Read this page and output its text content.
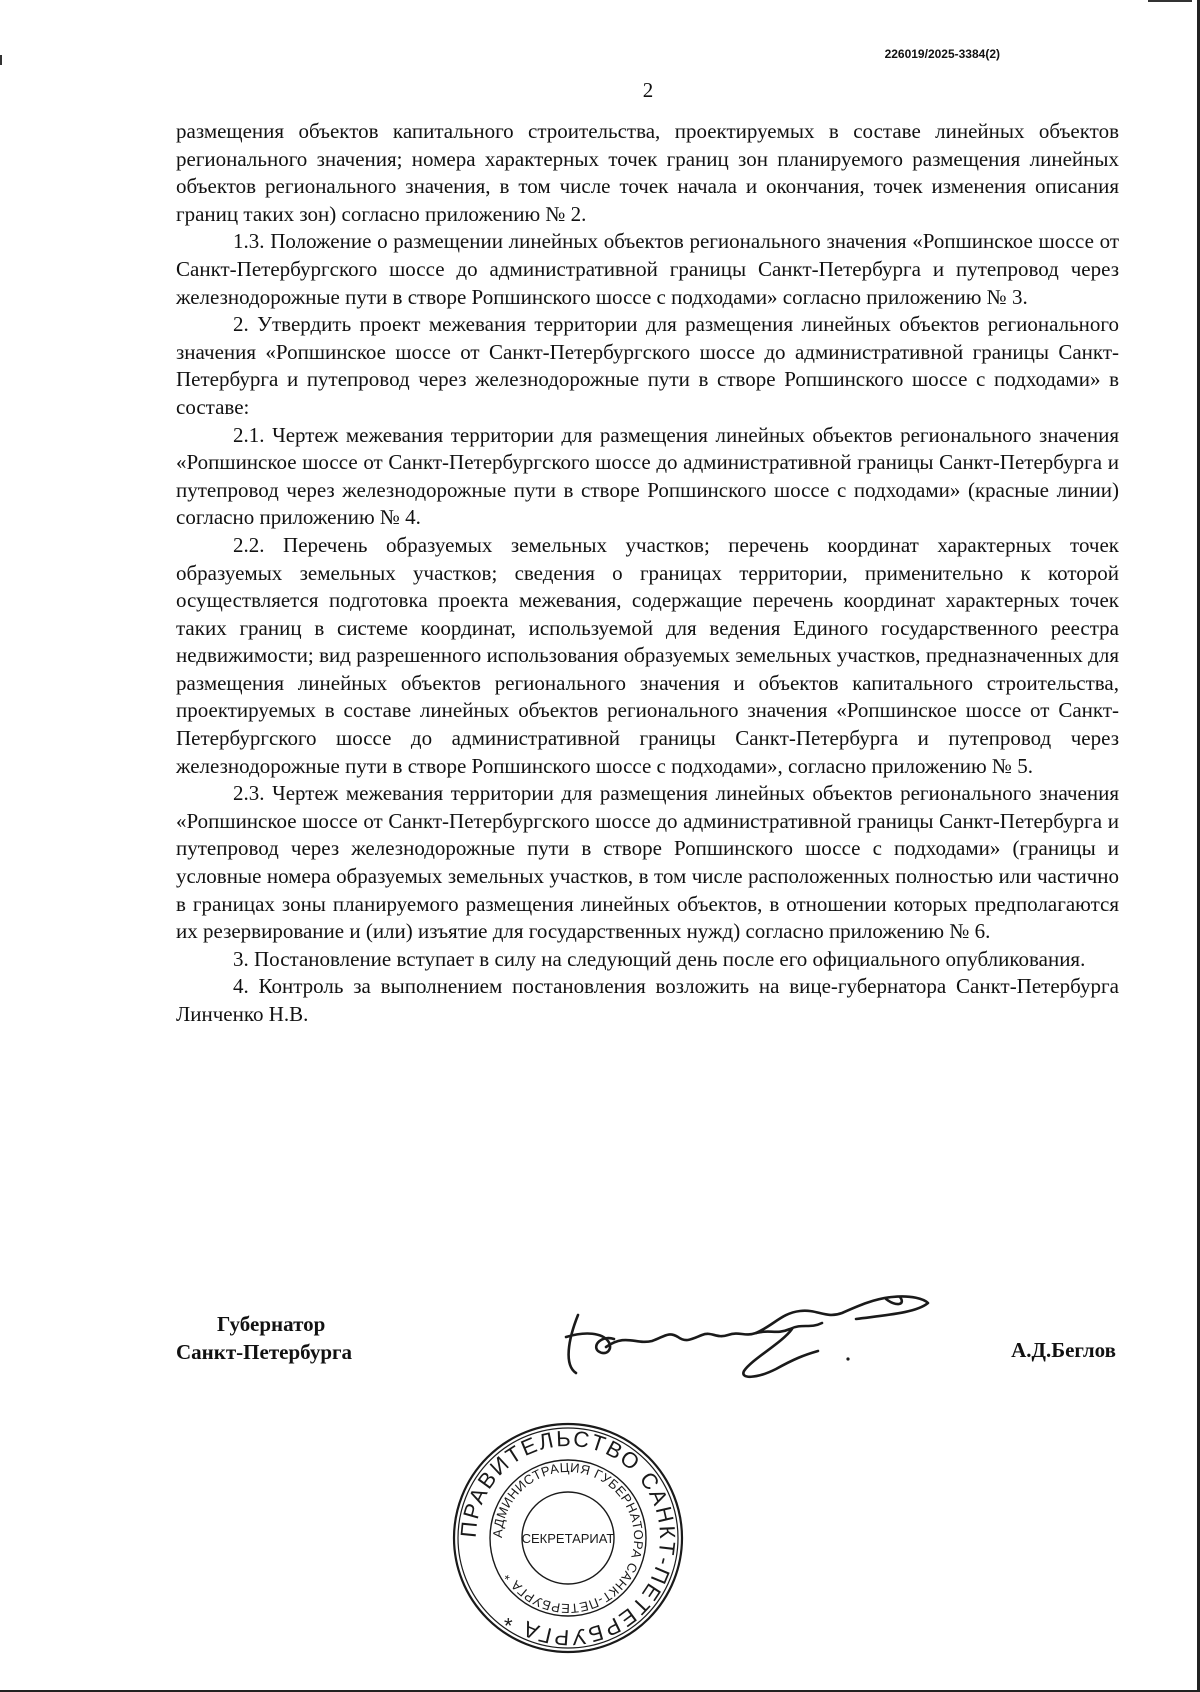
226019/2025-3384(2)
2

размещения объектов капитального строительства, проектируемых в составе линейных объектов регионального значения; номера характерных точек границ зон планируемого размещения линейных объектов регионального значения, в том числе точек начала и окончания, точек изменения описания границ таких зон) согласно приложению № 2.

1.3. Положение о размещении линейных объектов регионального значения «Ропшинское шоссе от Санкт-Петербургского шоссе до административной границы Санкт-Петербурга и путепровод через железнодорожные пути в створе Ропшинского шоссе с подходами» согласно приложению № 3.

2. Утвердить проект межевания территории для размещения линейных объектов регионального значения «Ропшинское шоссе от Санкт-Петербургского шоссе до административной границы Санкт-Петербурга и путепровод через железнодорожные пути в створе Ропшинского шоссе с подходами» в составе:

2.1. Чертеж межевания территории для размещения линейных объектов регионального значения «Ропшинское шоссе от Санкт-Петербургского шоссе до административной границы Санкт-Петербурга и путепровод через железнодорожные пути в створе Ропшинского шоссе с подходами» (красные линии) согласно приложению № 4.

2.2. Перечень образуемых земельных участков; перечень координат характерных точек образуемых земельных участков; сведения о границах территории, применительно к которой осуществляется подготовка проекта межевания, содержащие перечень координат характерных точек таких границ в системе координат, используемой для ведения Единого государственного реестра недвижимости; вид разрешенного использования образуемых земельных участков, предназначенных для размещения линейных объектов регионального значения и объектов капитального строительства, проектируемых в составе линейных объектов регионального значения «Ропшинское шоссе от Санкт-Петербургского шоссе до административной границы Санкт-Петербурга и путепровод через железнодорожные пути в створе Ропшинского шоссе с подходами», согласно приложению № 5.

2.3. Чертеж межевания территории для размещения линейных объектов регионального значения «Ропшинское шоссе от Санкт-Петербургского шоссе до административной границы Санкт-Петербурга и путепровод через железнодорожные пути в створе Ропшинского шоссе с подходами» (границы и условные номера образуемых земельных участков, в том числе расположенных полностью или частично в границах зоны планируемого размещения линейных объектов, в отношении которых предполагаются их резервирование и (или) изъятие для государственных нужд) согласно приложению № 6.

3. Постановление вступает в силу на следующий день после его официального опубликования.

4. Контроль за выполнением постановления возложить на вице-губернатора Санкт-Петербурга Линченко Н.В.

Губернатор
Санкт-Петербурга	А.Д.Беглов
ПРАВИТЕЛЬСТВО САНКТ-ПЕТЕРБУРГА *
АДМИНИСТРАЦИЯ ГУБЕРНАТОРА САНКТ-ПЕТЕРБУРГА *
СЕКРЕТАРИАТ
